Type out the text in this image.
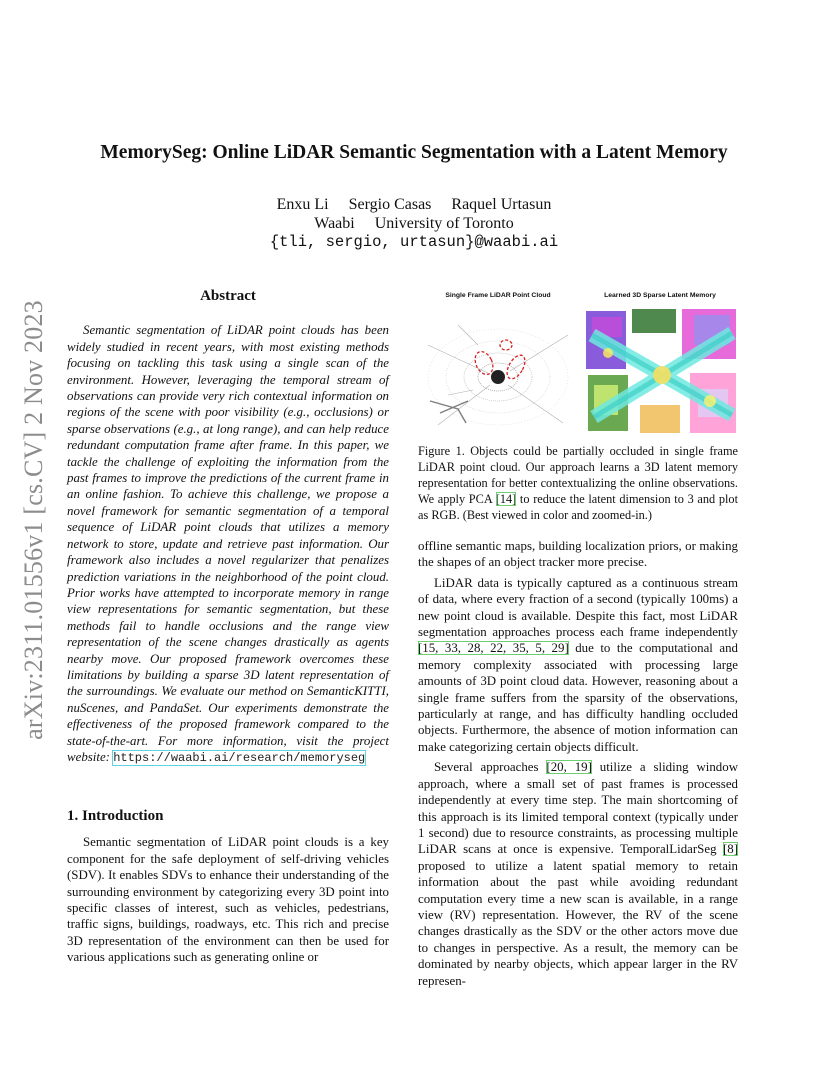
arXiv:2311.01556v1 [cs.CV] 2 Nov 2023
MemorySeg: Online LiDAR Semantic Segmentation with a Latent Memory
Enxu Li Sergio Casas Raquel Urtasun
Waabi University of Toronto
{tli, sergio, urtasun}@waabi.ai

Abstract

Semantic segmentation of LiDAR point clouds has been widely studied in recent years, with most existing methods focusing on tackling this task using a single scan of the environment. However, leveraging the temporal stream of observations can provide very rich contextual information on regions of the scene with poor visibility (e.g., occlusions) or sparse observations (e.g., at long range), and can help reduce redundant computation frame after frame. In this paper, we tackle the challenge of exploiting the information from the past frames to improve the predictions of the current frame in an online fashion. To achieve this challenge, we propose a novel framework for semantic segmentation of a temporal sequence of LiDAR point clouds that utilizes a memory network to store, update and retrieve past information. Our framework also includes a novel regularizer that penalizes prediction variations in the neighborhood of the point cloud. Prior works have attempted to incorporate memory in range view representations for semantic segmentation, but these methods fail to handle occlusions and the range view representation of the scene changes drastically as agents nearby move. Our proposed framework overcomes these limitations by building a sparse 3D latent representation of the surroundings. We evaluate our method on SemanticKITTI, nuScenes, and PandaSet. Our experiments demonstrate the effectiveness of the proposed framework compared to the state-of-the-art. For more information, visit the project website: https://waabi.ai/research/memoryseg

1. Introduction

Semantic segmentation of LiDAR point clouds is a key component for the safe deployment of self-driving vehicles (SDV). It enables SDVs to enhance their understanding of the surrounding environment by categorizing every 3D point into specific classes of interest, such as vehicles, pedestrians, traffic signs, buildings, roadways, etc. This rich and precise 3D representation of the environment can then be used for various applications such as generating online or

Single Frame LiDAR Point Cloud	Learned 3D Sparse Latent Memory
Figure 1. Objects could be partially occluded in single frame LiDAR point cloud. Our approach learns a 3D latent memory representation for better contextualizing the online observations. We apply PCA [14] to reduce the latent dimension to 3 and plot as RGB. (Best viewed in color and zoomed-in.)

offline semantic maps, building localization priors, or making the shapes of an object tracker more precise.

LiDAR data is typically captured as a continuous stream of data, where every fraction of a second (typically 100ms) a new point cloud is available. Despite this fact, most LiDAR segmentation approaches process each frame independently [15, 33, 28, 22, 35, 5, 29] due to the computational and memory complexity associated with processing large amounts of 3D point cloud data. However, reasoning about a single frame suffers from the sparsity of the observations, particularly at range, and has difficulty handling occluded objects. Furthermore, the absence of motion information can make categorizing certain objects difficult.

Several approaches [20, 19] utilize a sliding window approach, where a small set of past frames is processed independently at every time step. The main shortcoming of this approach is its limited temporal context (typically under 1 second) due to resource constraints, as processing multiple LiDAR scans at once is expensive. TemporalLidarSeg [8] proposed to utilize a latent spatial memory to retain information about the past while avoiding redundant computation every time a new scan is available, in a range view (RV) representation. However, the RV of the scene changes drastically as the SDV or the other actors move due to changes in perspective. As a result, the memory can be dominated by nearby objects, which appear larger in the RV represen-
